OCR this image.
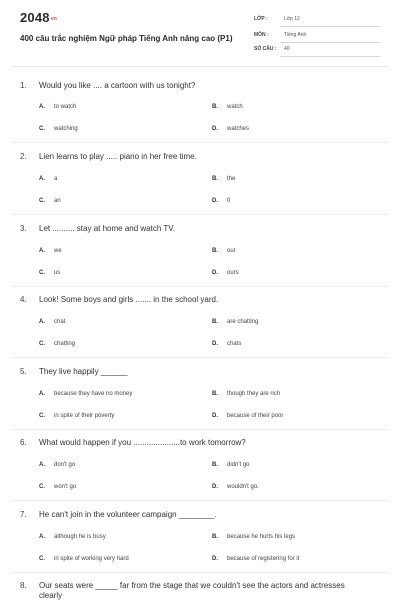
2048vn
400 câu trắc nghiệm Ngữ pháp Tiếng Anh nâng cao (P1)
LỚP :	Lớp 12
MÔN :	Tiếng Anh
SỐ CÂU : 40
1. Would you like .... a cartoon with us tonight?
A. to watch	B. watch
C. watching	D. watches
2. Lien learns to play ..... piano in her free time.
A. a	B. the
C. an	D. 0
3. Let .......... stay at home and watch TV.
A. we	B. our
C. us	D. ours
4. Look! Some boys and girls ....... in the school yard.
A. chat	B. are chatting
C. chatting	D. chats
5. They live happily ______
A. because they have no money	B. though they are rich
C. in spite of their poverty	D. because of their poor
6. What would happen if you .....................to work tomorrow?
A. don't go	B. didn't go
C. won't go	D. wouldn't go.
7. He can't join in the volunteer campaign ________.
A. although he is busy	B. because he hurts his legs
C. in spite of working very hard	D. because of registering for it
8.	Our seats were _____ far from the stage that we couldn't see the actors and actresses clearly
